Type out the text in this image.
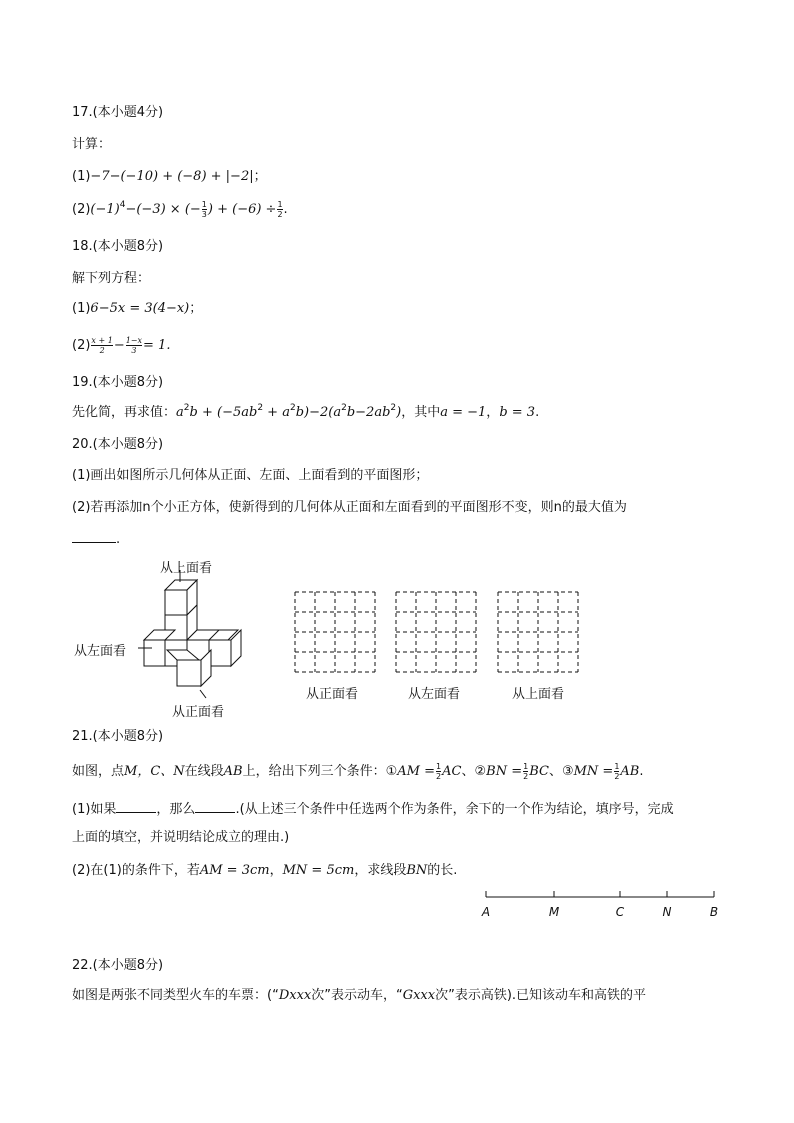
17.(本小题4分)
计算：
(1)−7−(−10) + (−8) + |−2|；
$(2)(-1)^4-(-3)$ × (− $\frac{1}{3}$ ) + $(-6) \div \frac{1}{2}$ .
18.(本小题8分)
解下列方程：
(1)6−5x = 3(4−x)；
$(2) \frac{x + 1}{2} - \frac{1-x}{3} = 1$.
19.(本小题8分)
先化简，再求值：$a^2b + (-5ab^2 + a^2b)-2(a^2b-2ab^2)$，其中a = −1，b = 3.
20.(本小题8分)
(1)画出如图所示几何体从正面、左面、上面看到的平面图形；
(2)若再添加n个小正方体，使新得到的几何体从正面和左面看到的平面图形不变，则n的最大值为
.
从上面看
从左面看
从正面看
从正面看	从左面看	从上面看
21.(本小题8分)
如图，点M，C、N在线段AB上，给出下列三个条件：①AM = $\frac{1}{2}$ AC、②BN = $\frac{1}{2}$ BC、③MN = $\frac{1}{2}$ AB.
(1)如果	，那么	.(从上述三个条件中任选两个作为条件，余下的一个作为结论，填序号，完成
上面的填空，并说明结论成立的理由.)
(2)在(1)的条件下，若AM = 3cm，MN = 5cm，求线段BN的长.
A	M	C	N	B
22.(本小题8分)
如图是两张不同类型火车的车票：(“Dxxx次”表示动车，“Gxxx次”表示高铁).已知该动车和高铁的平
